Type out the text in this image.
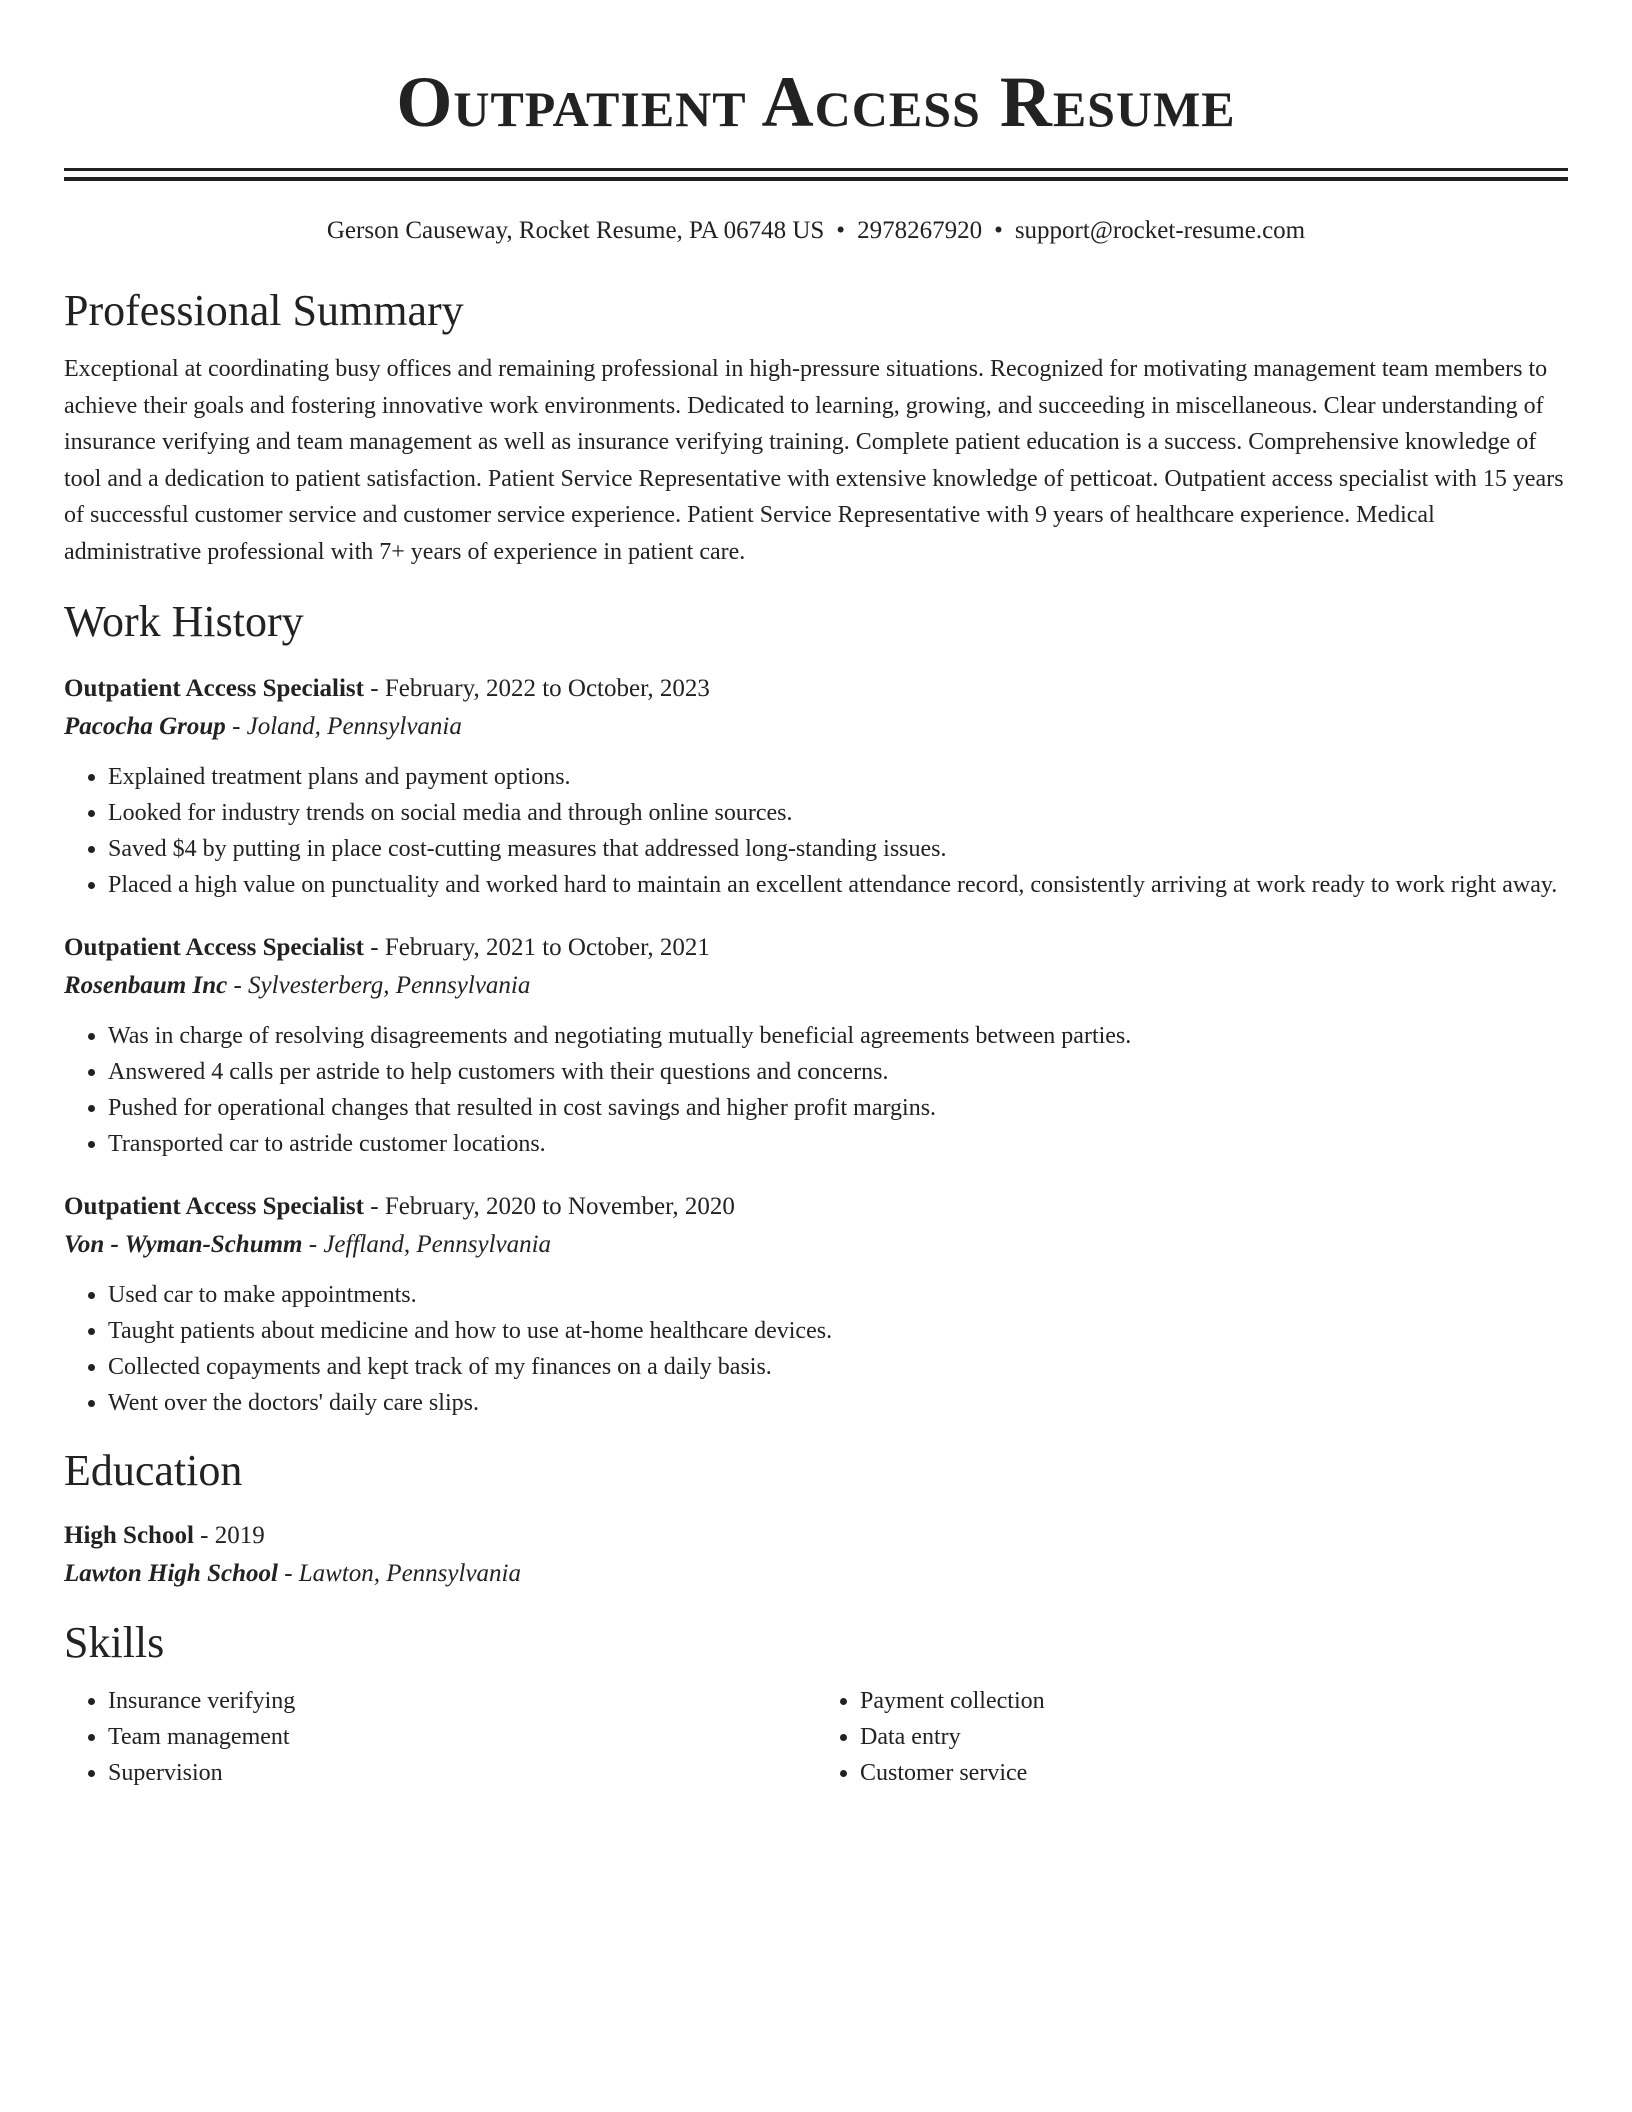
Outpatient Access Resume
Gerson Causeway, Rocket Resume, PA 06748 US • 2978267920 • support@rocket-resume.com
Professional Summary

Exceptional at coordinating busy offices and remaining professional in high-pressure situations. Recognized for motivating management team members to achieve their goals and fostering innovative work environments. Dedicated to learning, growing, and succeeding in miscellaneous. Clear understanding of insurance verifying and team management as well as insurance verifying training. Complete patient education is a success. Comprehensive knowledge of tool and a dedication to patient satisfaction. Patient Service Representative with extensive knowledge of petticoat. Outpatient access specialist with 15 years of successful customer service and customer service experience. Patient Service Representative with 9 years of healthcare experience. Medical administrative professional with 7+ years of experience in patient care.

Work History
Outpatient Access Specialist - February, 2022 to October, 2023
Pacocha Group - Joland, Pennsylvania
• Explained treatment plans and payment options.
• Looked for industry trends on social media and through online sources.
• Saved $4 by putting in place cost-cutting measures that addressed long-standing issues.
• Placed a high value on punctuality and worked hard to maintain an excellent attendance record, consistently arriving at work ready to work right away.
Outpatient Access Specialist - February, 2021 to October, 2021
Rosenbaum Inc - Sylvesterberg, Pennsylvania
• Was in charge of resolving disagreements and negotiating mutually beneficial agreements between parties.
• Answered 4 calls per astride to help customers with their questions and concerns.
• Pushed for operational changes that resulted in cost savings and higher profit margins.
• Transported car to astride customer locations.
Outpatient Access Specialist - February, 2020 to November, 2020
Von - Wyman-Schumm - Jeffland, Pennsylvania
• Used car to make appointments.
• Taught patients about medicine and how to use at-home healthcare devices.
• Collected copayments and kept track of my finances on a daily basis.
• Went over the doctors' daily care slips.
Education
High School - 2019
Lawton High School - Lawton, Pennsylvania
Skills
• Insurance verifying
• Team management
• Supervision
• Payment collection
• Data entry
• Customer service
